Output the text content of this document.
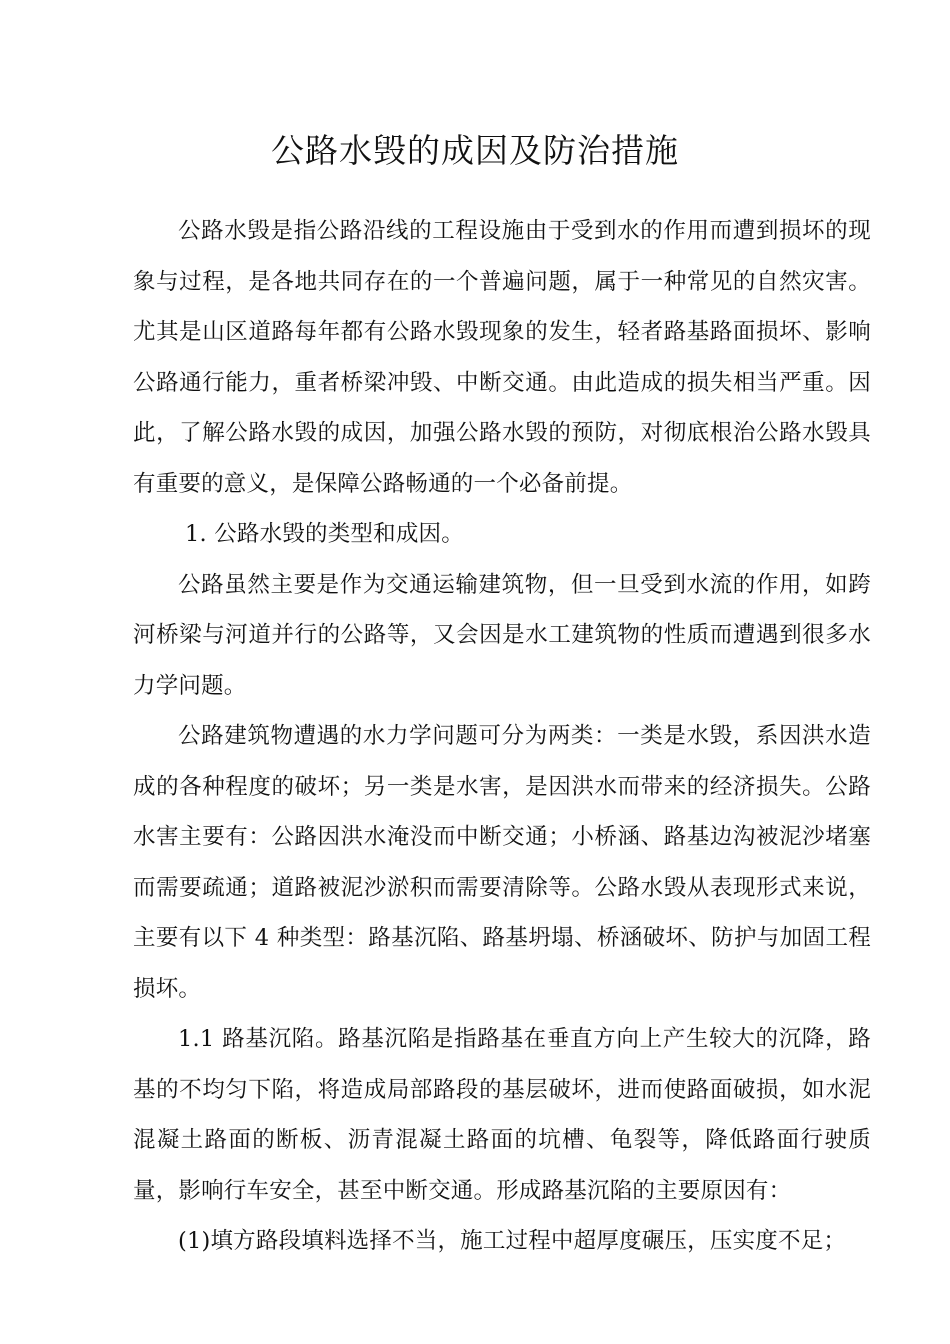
公路水毁的成因及防治措施

公路水毁是指公路沿线的工程设施由于受到水的作用而遭到损坏的现象与过程，是各地共同存在的一个普遍问题，属于一种常见的自然灾害。尤其是山区道路每年都有公路水毁现象的发生，轻者路基路面损坏、影响公路通行能力，重者桥梁冲毁、中断交通。由此造成的损失相当严重。因此，了解公路水毁的成因，加强公路水毁的预防，对彻底根治公路水毁具有重要的意义，是保障公路畅通的一个必备前提。

1. 公路水毁的类型和成因。

公路虽然主要是作为交通运输建筑物，但一旦受到水流的作用，如跨河桥梁与河道并行的公路等，又会因是水工建筑物的性质而遭遇到很多水力学问题。

公路建筑物遭遇的水力学问题可分为两类：一类是水毁，系因洪水造成的各种程度的破坏；另一类是水害，是因洪水而带来的经济损失。公路水害主要有：公路因洪水淹没而中断交通；小桥涵、路基边沟被泥沙堵塞而需要疏通；道路被泥沙淤积而需要清除等。公路水毁从表现形式来说，主要有以下 4 种类型：路基沉陷、路基坍塌、桥涵破坏、防护与加固工程损坏。

1.1 路基沉陷。路基沉陷是指路基在垂直方向上产生较大的沉降，路基的不均匀下陷，将造成局部路段的基层破坏，进而使路面破损，如水泥混凝土路面的断板、沥青混凝土路面的坑槽、龟裂等，降低路面行驶质量，影响行车安全，甚至中断交通。形成路基沉陷的主要原因有：

(1)填方路段填料选择不当，施工过程中超厚度碾压，压实度不足；
